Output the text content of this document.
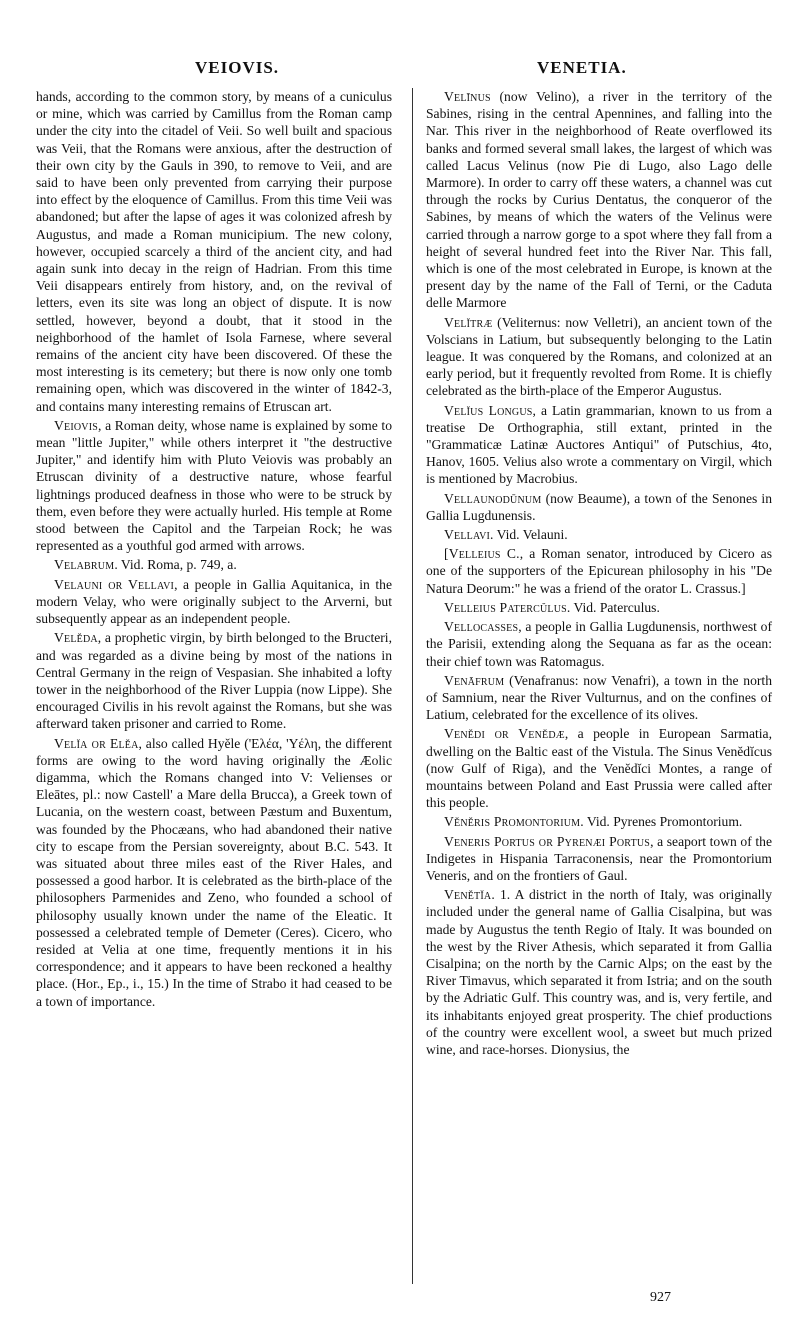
VEIOVIS.	VENETIA.

hands, according to the common story, by means of a cuniculus or mine, which was carried by Camillus from the Roman camp under the city into the citadel of Veii. So well built and spacious was Veii, that the Romans were anxious, after the destruction of their own city by the Gauls in 390, to remove to Veii, and are said to have been only prevented from carrying their purpose into effect by the eloquence of Camillus. From this time Veii was abandoned; but after the lapse of ages it was colonized afresh by Augustus, and made a Roman municipium. The new colony, however, occupied scarcely a third of the ancient city, and had again sunk into decay in the reign of Hadrian. From this time Veii disappears entirely from history, and, on the revival of letters, even its site was long an object of dispute. It is now settled, however, beyond a doubt, that it stood in the neighborhood of the hamlet of Isola Farnese, where several remains of the ancient city have been discovered. Of these the most interesting is its cemetery; but there is now only one tomb remaining open, which was discovered in the winter of 1842-3, and contains many interesting remains of Etruscan art.

Veiovis, a Roman deity, whose name is explained by some to mean "little Jupiter," while others interpret it "the destructive Jupiter," and identify him with Pluto Veiovis was probably an Etruscan divinity of a destructive nature, whose fearful lightnings produced deafness in those who were to be struck by them, even before they were actually hurled. His temple at Rome stood between the Capitol and the Tarpeian Rock; he was represented as a youthful god armed with arrows.

Velabrum. Vid. Roma, p. 749, a.

Velauni or Vellavi, a people in Gallia Aquitanica, in the modern Velay, who were originally subject to the Arverni, but subsequently appear as an independent people.

Velĕda, a prophetic virgin, by birth belonged to the Bructeri, and was regarded as a divine being by most of the nations in Central Germany in the reign of Vespasian. She inhabited a lofty tower in the neighborhood of the River Luppia (now Lippe). She encouraged Civilis in his revolt against the Romans, but she was afterward taken prisoner and carried to Rome.

Velĭa or Elĕa, also called Hyĕle ('Ελέα, 'Υέλη, the different forms are owing to the word having originally the Æolic digamma, which the Romans changed into V: Velienses or Eleātes, pl.: now Castell' a Mare della Brucca), a Greek town of Lucania, on the western coast, between Pæstum and Buxentum, was founded by the Phocæans, who had abandoned their native city to escape from the Persian sovereignty, about B.C. 543. It was situated about three miles east of the River Hales, and possessed a good harbor. It is celebrated as the birth-place of the philosophers Parmenides and Zeno, who founded a school of philosophy usually known under the name of the Eleatic. It possessed a celebrated temple of Demeter (Ceres). Cicero, who resided at Velia at one time, frequently mentions it in his correspondence; and it appears to have been reckoned a healthy place. (Hor., Ep., i., 15.) In the time of Strabo it had ceased to be a town of importance.

Velīnus (now Velino), a river in the territory of the Sabines, rising in the central Apennines, and falling into the Nar. This river in the neighborhood of Reate overflowed its banks and formed several small lakes, the largest of which was called Lacus Velinus (now Pie di Lugo, also Lago delle Marmore). In order to carry off these waters, a channel was cut through the rocks by Curius Dentatus, the conqueror of the Sabines, by means of which the waters of the Velinus were carried through a narrow gorge to a spot where they fall from a height of several hundred feet into the River Nar. This fall, which is one of the most celebrated in Europe, is known at the present day by the name of the Fall of Terni, or the Caduta delle Marmore

Velĭtræ (Veliternus: now Velletri), an ancient town of the Volscians in Latium, but subsequently belonging to the Latin league. It was conquered by the Romans, and colonized at an early period, but it frequently revolted from Rome. It is chiefly celebrated as the birth-place of the Emperor Augustus.

Velĭus Longus, a Latin grammarian, known to us from a treatise De Orthographia, still extant, printed in the "Grammaticæ Latinæ Auctores Antiqui" of Putschius, 4to, Hanov, 1605. Velius also wrote a commentary on Virgil, which is mentioned by Macrobius.

Vellaunodūnum (now Beaume), a town of the Senones in Gallia Lugdunensis.

Vellavi. Vid. Velauni.

[Velleius C., a Roman senator, introduced by Cicero as one of the supporters of the Epicurean philosophy in his "De Natura Deorum:" he was a friend of the orator L. Crassus.]

Velleius Patercŭlus. Vid. Paterculus.

Vellocasses, a people in Gallia Lugdunensis, northwest of the Parisii, extending along the Sequana as far as the ocean: their chief town was Ratomagus.

Venāfrum (Venafranus: now Venafri), a town in the north of Samnium, near the River Vulturnus, and on the confines of Latium, celebrated for the excellence of its olives.

Venĕdi or Venĕdæ, a people in European Sarmatia, dwelling on the Baltic east of the Vistula. The Sinus Venĕdĭcus (now Gulf of Riga), and the Venĕdĭci Montes, a range of mountains between Poland and East Prussia were called after this people.

Vĕnĕris Promontorium. Vid. Pyrenes Promontorium.

Veneris Portus or Pyrenæi Portus, a seaport town of the Indigetes in Hispania Tarraconensis, near the Promontorium Veneris, and on the frontiers of Gaul.

Venĕtĭa. 1. A district in the north of Italy, was originally included under the general name of Gallia Cisalpina, but was made by Augustus the tenth Regio of Italy. It was bounded on the west by the River Athesis, which separated it from Gallia Cisalpina; on the north by the Carnic Alps; on the east by the River Timavus, which separated it from Istria; and on the south by the Adriatic Gulf. This country was, and is, very fertile, and its inhabitants enjoyed great prosperity. The chief productions of the country were excellent wool, a sweet but much prized wine, and race-horses. Dionysius, the

927
